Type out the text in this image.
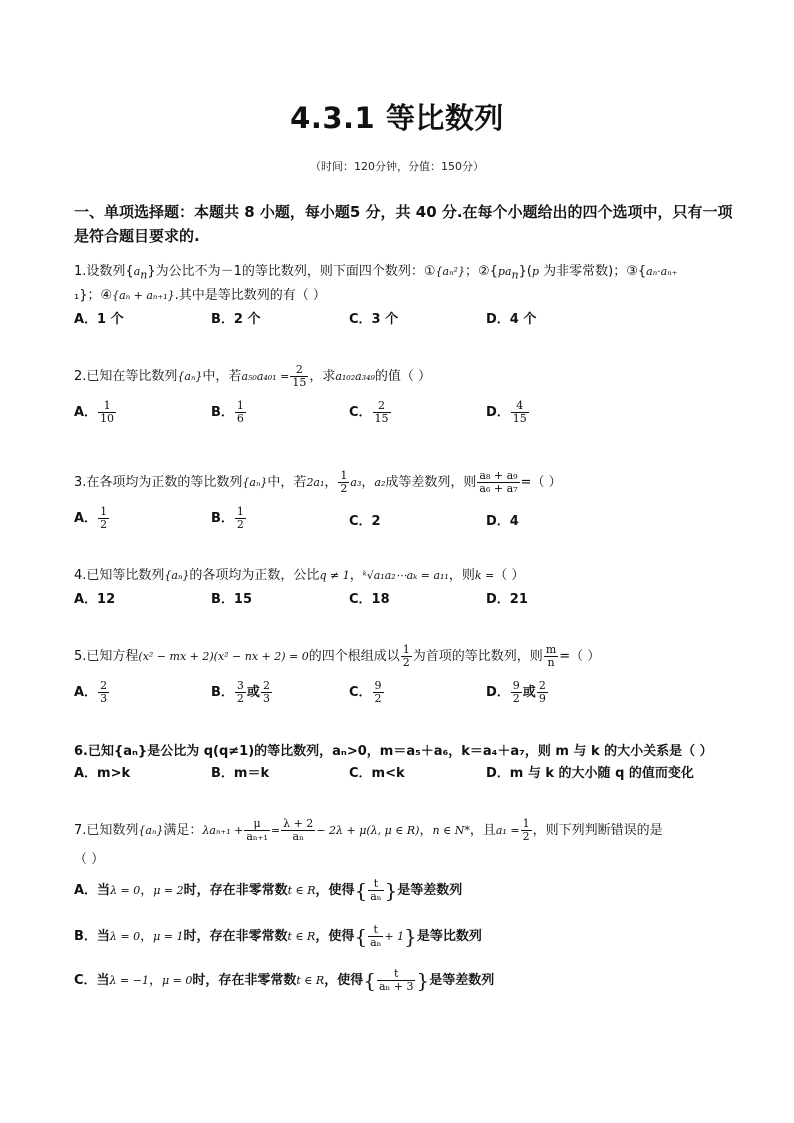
4.3.1 等比数列
（时间：120分钟，分值：150分）
一、单项选择题：本题共 8 小题，每小题5 分，共 40 分.在每个小题给出的四个选项中，只有一项是符合题目要求的.
1.设数列$\{a_n\}$为公比不为－1的等比数列，则下面四个数列：①{aₙ²}；$②\{pa_n\}(p$ 为非零常数)；③{aₙ·aₙ₊
₁}；④{aₙ + aₙ₊₁}.其中是等比数列的有（ ）
A．1 个	B．2 个	C．3 个	D．4 个
2.已知在等比数列{aₙ}中，若$a_{50}a_{401} = \frac{2}{15}$ ，求a₁₀₂a₃₄₉的值（ ）
A． $\frac{1}{10}$	B． $\frac{1}{6}$	C． $\frac{2}{15}$	D． $\frac{4}{15}$
3.在各项均为正数的等比数列{aₙ}中，若2a₁， $\frac{1}{2} a_3$，a₂成等差数列，则 $\frac{\text{a₈ + a₉}}{\text{a₆ + a₇}}$ =（ ）
A． $\frac{1}{2}$	B． $\frac{1}{2}$	C．2	D．4
4.已知等比数列{aₙ}的各项均为正数，公比q ≠ 1，ᵏ√a₁a₂⋯aₖ = a₁₁，则k =（ ）
A．12	B．15	C．18	D．21
5.已知方程(x² − mx + 2)(x² − nx + 2) = 0的四个根组成以 $\frac{1}{2}$ 为首项的等比数列，则 $\frac{m}{n}$ =（ ）
A． $\frac{2}{3}$	B． $\frac{3}{2}$ 或 $\frac{2}{3}$	C． $\frac{9}{2}$	D． $\frac{9}{2}$ 或 $\frac{2}{9}$
6.已知{aₙ}是公比为 q(q≠1)的等比数列，aₙ>0，m＝a₅＋a₆，k＝a₄＋a₇，则 m 与 k 的大小关系是（ ）
A．m>k	B．m＝k	C．m<k	D．m 与 k 的大小随 q 的值而变化
7.已知数列{aₙ}满足：$\lambda a_{n+1} + \frac{\mu}{\text{aₙ₊₁}} = \frac{\lambda + 2}{\text{aₙ}} - 2\lambda + \mu(\lambda$, μ ∈ R)，n ∈ N*，且$a_1 = \frac{1}{2}$ ，则下列判断错误的是
（ ）
A．当λ = 0，μ = 2时，存在非零常数t ∈ R，使得{ $\frac{t}{\text{aₙ}}$ }是等差数列
B．当λ = 0，μ = 1时，存在非零常数t ∈ R，使得{ $\frac{t}{\text{aₙ}} + 1$}是等比数列
C．当λ = −1，μ = 0时，存在非零常数t ∈ R，使得{ $\frac{t}{\text{aₙ + 3}}$ }是等差数列
